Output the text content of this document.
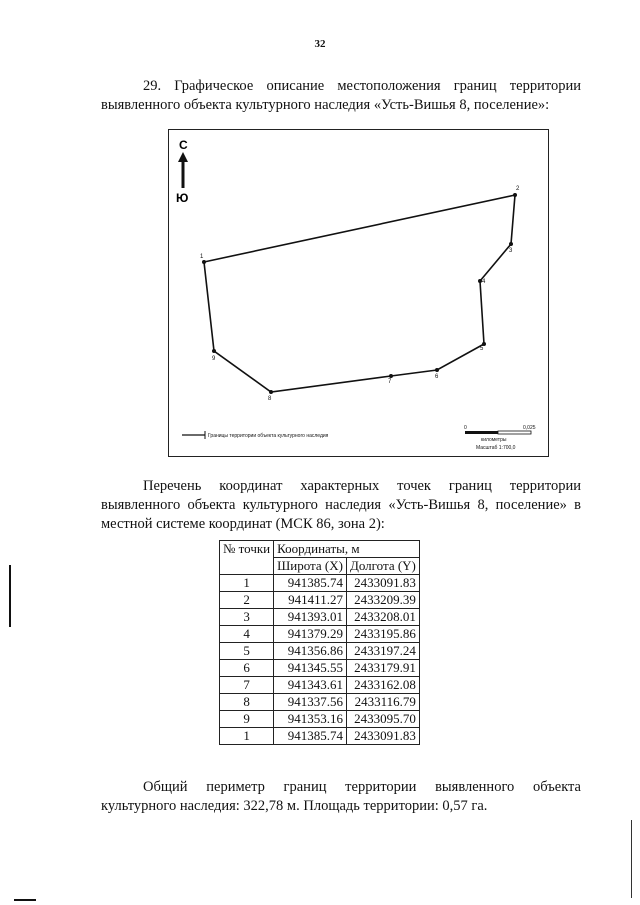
32
29. Графическое описание местоположения границ территории выявленного объекта культурного наследия «Усть-Вишья 8, поселение»:
С
Ю
1
2
3
4
5
6
7
8
9
Границы территории объекта культурного наследия
0	0,025
километры
Масштаб 1:700,0
Перечень координат характерных точек границ территории выявленного объекта культурного наследия «Усть-Вишья 8, поселение» в местной системе координат (МСК 86, зона 2):
№ точки	Координаты, м	
	Широта (X)	Долгота (Y)
1	941385.74	2433091.83
2	941411.27	2433209.39
3	941393.01	2433208.01
4	941379.29	2433195.86
5	941356.86	2433197.24
6	941345.55	2433179.91
7	941343.61	2433162.08
8	941337.56	2433116.79
9	941353.16	2433095.70
1	941385.74	2433091.83
Общий периметр границ территории выявленного объекта культурного наследия: 322,78 м. Площадь территории: 0,57 га.
